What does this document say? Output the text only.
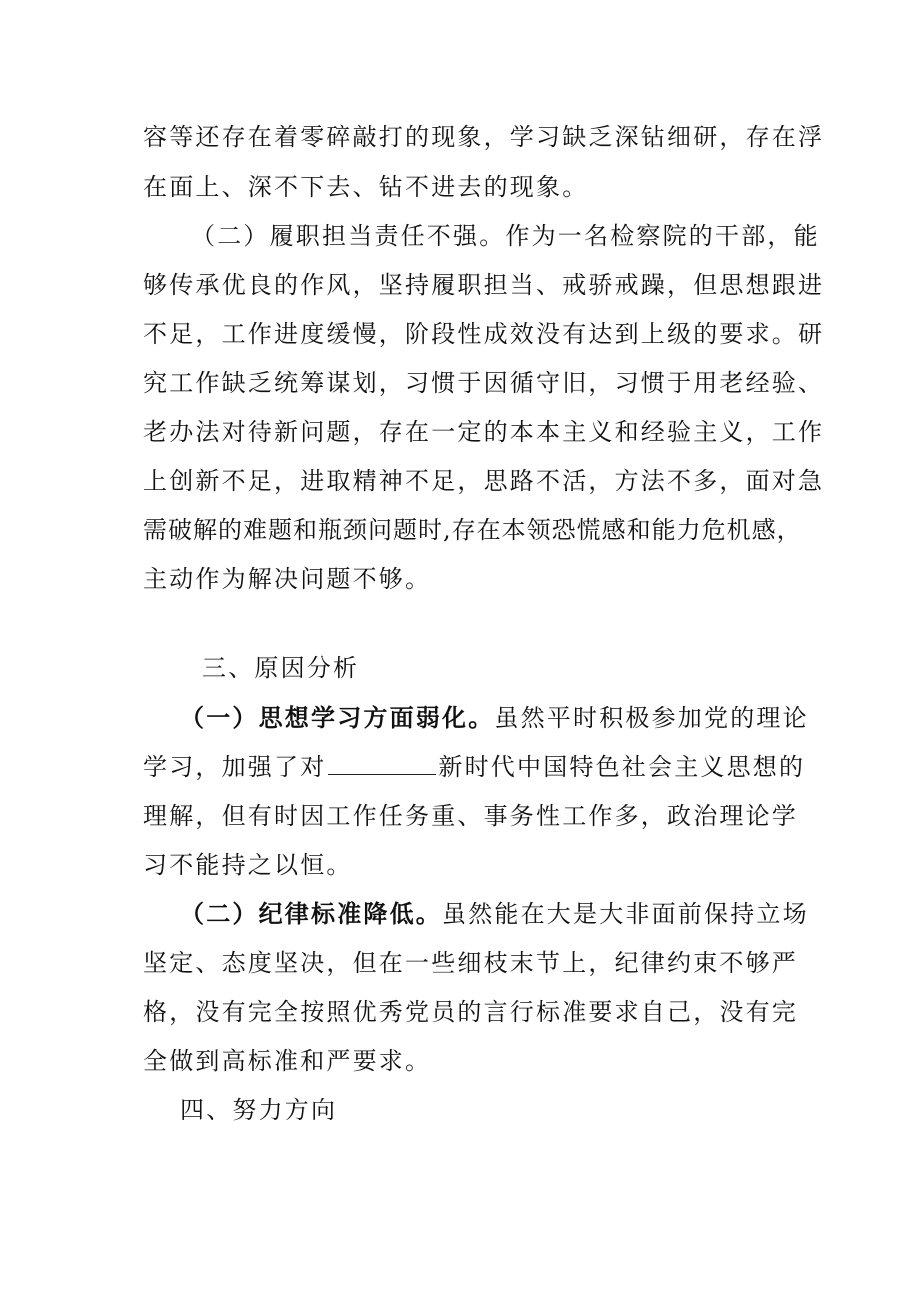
容等还存在着零碎敲打的现象，学习缺乏深钻细研，存在浮
在面上、深不下去、钻不进去的现象。
（二）履职担当责任不强。作为一名检察院的干部，能
够传承优良的作风，坚持履职担当、戒骄戒躁，但思想跟进
不足，工作进度缓慢，阶段性成效没有达到上级的要求。研
究工作缺乏统筹谋划，习惯于因循守旧，习惯于用老经验、
老办法对待新问题，存在一定的本本主义和经验主义，工作
上创新不足，进取精神不足，思路不活，方法不多，面对急
需破解的难题和瓶颈问题时,存在本领恐慌感和能力危机感，
主动作为解决问题不够。
三、原因分析
（一）思想学习方面弱化。虽然平时积极参加党的理论
学习，加强了对	新时代中国特色社会主义思想的
理解，但有时因工作任务重、事务性工作多，政治理论学
习不能持之以恒。
（二）纪律标准降低。虽然能在大是大非面前保持立场
坚定、态度坚决，但在一些细枝末节上，纪律约束不够严
格，没有完全按照优秀党员的言行标准要求自己，没有完
全做到高标准和严要求。
四、努力方向
